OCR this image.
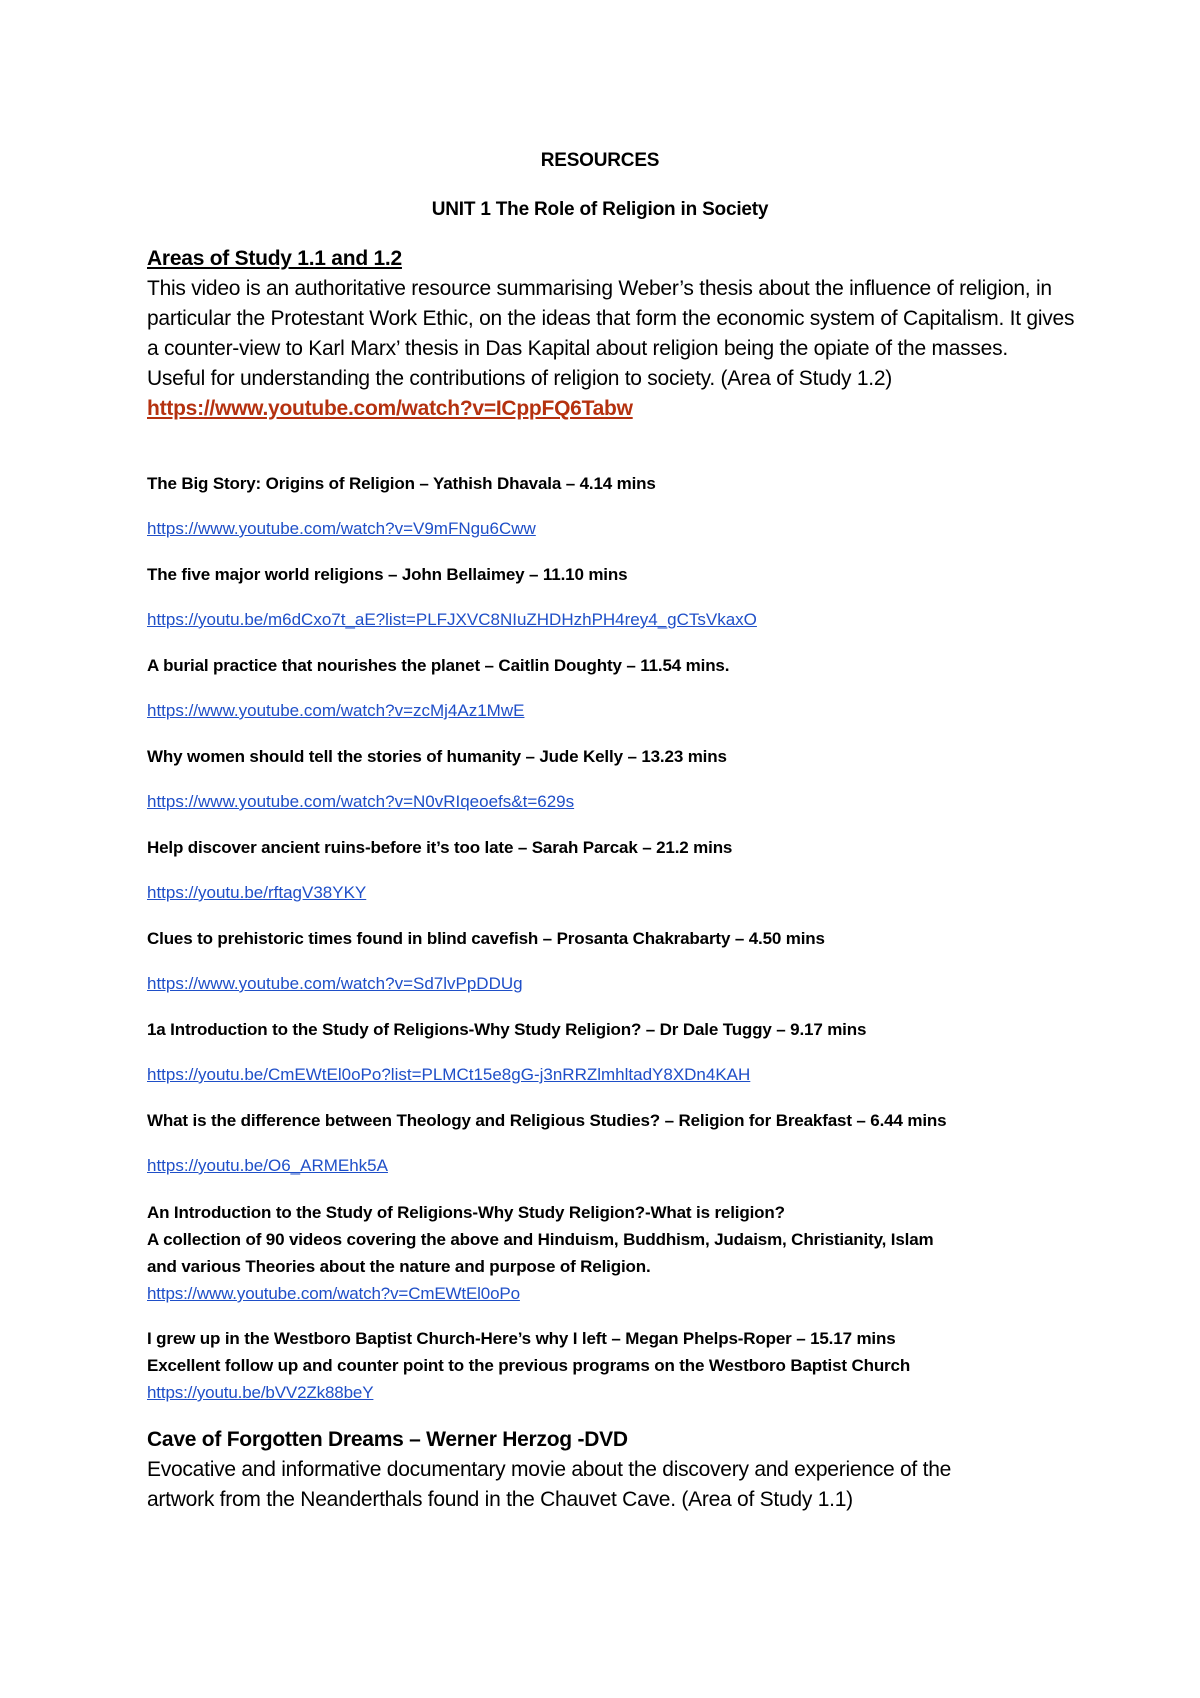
RESOURCES
UNIT 1 The Role of Religion in Society
Areas of Study 1.1 and 1.2
This video is an authoritative resource summarising Weber’s thesis about the influence of religion, in particular the Protestant Work Ethic, on the ideas that form the economic system of Capitalism. It gives a counter-view to Karl Marx’ thesis in Das Kapital about religion being the opiate of the masses.
Useful for understanding the contributions of religion to society. (Area of Study 1.2)
https://www.youtube.com/watch?v=ICppFQ6Tabw
The Big Story: Origins of Religion – Yathish Dhavala – 4.14 mins
https://www.youtube.com/watch?v=V9mFNgu6Cww
The five major world religions – John Bellaimey – 11.10 mins
https://youtu.be/m6dCxo7t_aE?list=PLFJXVC8NIuZHDHzhPH4rey4_gCTsVkaxO
A burial practice that nourishes the planet – Caitlin Doughty – 11.54 mins.
https://www.youtube.com/watch?v=zcMj4Az1MwE
Why women should tell the stories of humanity – Jude Kelly – 13.23 mins
https://www.youtube.com/watch?v=N0vRIqeoefs&t=629s
Help discover ancient ruins-before it’s too late – Sarah Parcak – 21.2 mins
https://youtu.be/rftagV38YKY
Clues to prehistoric times found in blind cavefish – Prosanta Chakrabarty – 4.50 mins
https://www.youtube.com/watch?v=Sd7lvPpDDUg
1a Introduction to the Study of Religions-Why Study Religion? – Dr Dale Tuggy – 9.17 mins
https://youtu.be/CmEWtEl0oPo?list=PLMCt15e8gG-j3nRRZlmhltadY8XDn4KAH
What is the difference between Theology and Religious Studies? – Religion for Breakfast – 6.44 mins
https://youtu.be/O6_ARMEhk5A
An Introduction to the Study of Religions-Why Study Religion?-What is religion?
A collection of 90 videos covering the above and Hinduism, Buddhism, Judaism, Christianity, Islam
and various Theories about the nature and purpose of Religion.
https://www.youtube.com/watch?v=CmEWtEl0oPo
I grew up in the Westboro Baptist Church-Here’s why I left – Megan Phelps-Roper – 15.17 mins
Excellent follow up and counter point to the previous programs on the Westboro Baptist Church
https://youtu.be/bVV2Zk88beY
Cave of Forgotten Dreams – Werner Herzog -DVD
Evocative and informative documentary movie about the discovery and experience of the
artwork from the Neanderthals found in the Chauvet Cave. (Area of Study 1.1)
